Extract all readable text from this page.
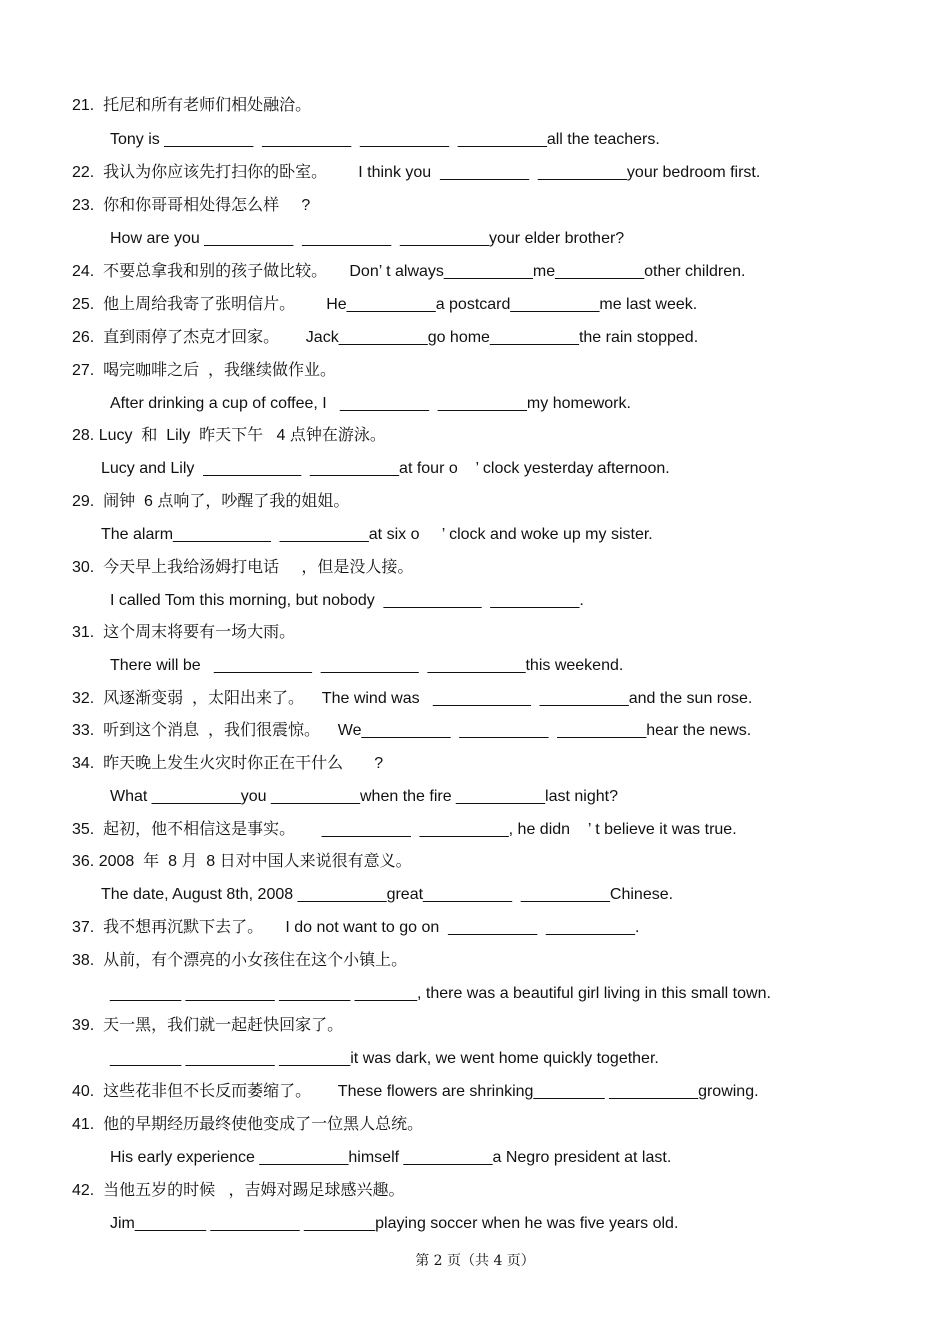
21.  托尼和所有老师们相处融洽。
Tony is __________  __________  __________  __________all the teachers.
22.  我认为你应该先打扫你的卧室。       I think you  __________  __________your bedroom first.
23.  你和你哥哥相处得怎么样     ?
How are you __________  __________  __________your elder brother?
24.  不要总拿我和别的孩子做比较。     Don’ t always__________me__________other children.
25.  他上周给我寄了张明信片。       He__________a postcard__________me last week.
26.  直到雨停了杰克才回家。      Jack__________go home__________the rain stopped.
27.  喝完咖啡之后  ，我继续做作业。
After drinking a cup of coffee, I   __________  __________my homework.
28. Lucy  和  Lily  昨天下午   4 点钟在游泳。
Lucy and Lily  ___________  __________at four o    ’ clock yesterday afternoon.
29.  闹钟  6 点响了，吵醒了我的姐姐。
The alarm___________  __________at six o     ’ clock and woke up my sister.
30.  今天早上我给汤姆打电话     ，但是没人接。
I called Tom this morning, but nobody  ___________  __________.
31.  这个周末将要有一场大雨。
There will be   ___________  ___________  ___________this weekend.
32.  风逐渐变弱  ，太阳出来了。    The wind was   ___________  __________and the sun rose.
33.  听到这个消息  ，我们很震惊。    We__________  __________  __________hear the news.
34.  昨天晚上发生火灾时你正在干什么       ?
What __________you __________when the fire __________last night?
35.  起初，他不相信这是事实。      __________  __________, he didn    ’ t believe it was true.
36. 2008  年  8 月  8 日对中国人来说很有意义。
The date, August 8th, 2008 __________great__________  __________Chinese.
37.  我不想再沉默下去了。     I do not want to go on  __________  __________.
38.  从前，有个漂亮的小女孩住在这个小镇上。
________ __________ ________ _______, there was a beautiful girl living in this small town.
39.  天一黑，我们就一起赶快回家了。
________ __________ ________it was dark, we went home quickly together.
40.  这些花非但不长反而萎缩了。      These flowers are shrinking________ __________growing.
41.  他的早期经历最终使他变成了一位黑人总统。
His early experience __________himself __________a Negro president at last.
42.  当他五岁的时候   ，吉姆对踢足球感兴趣。
Jim________ __________ ________playing soccer when he was five years old.
第 2 页（共 4 页）
